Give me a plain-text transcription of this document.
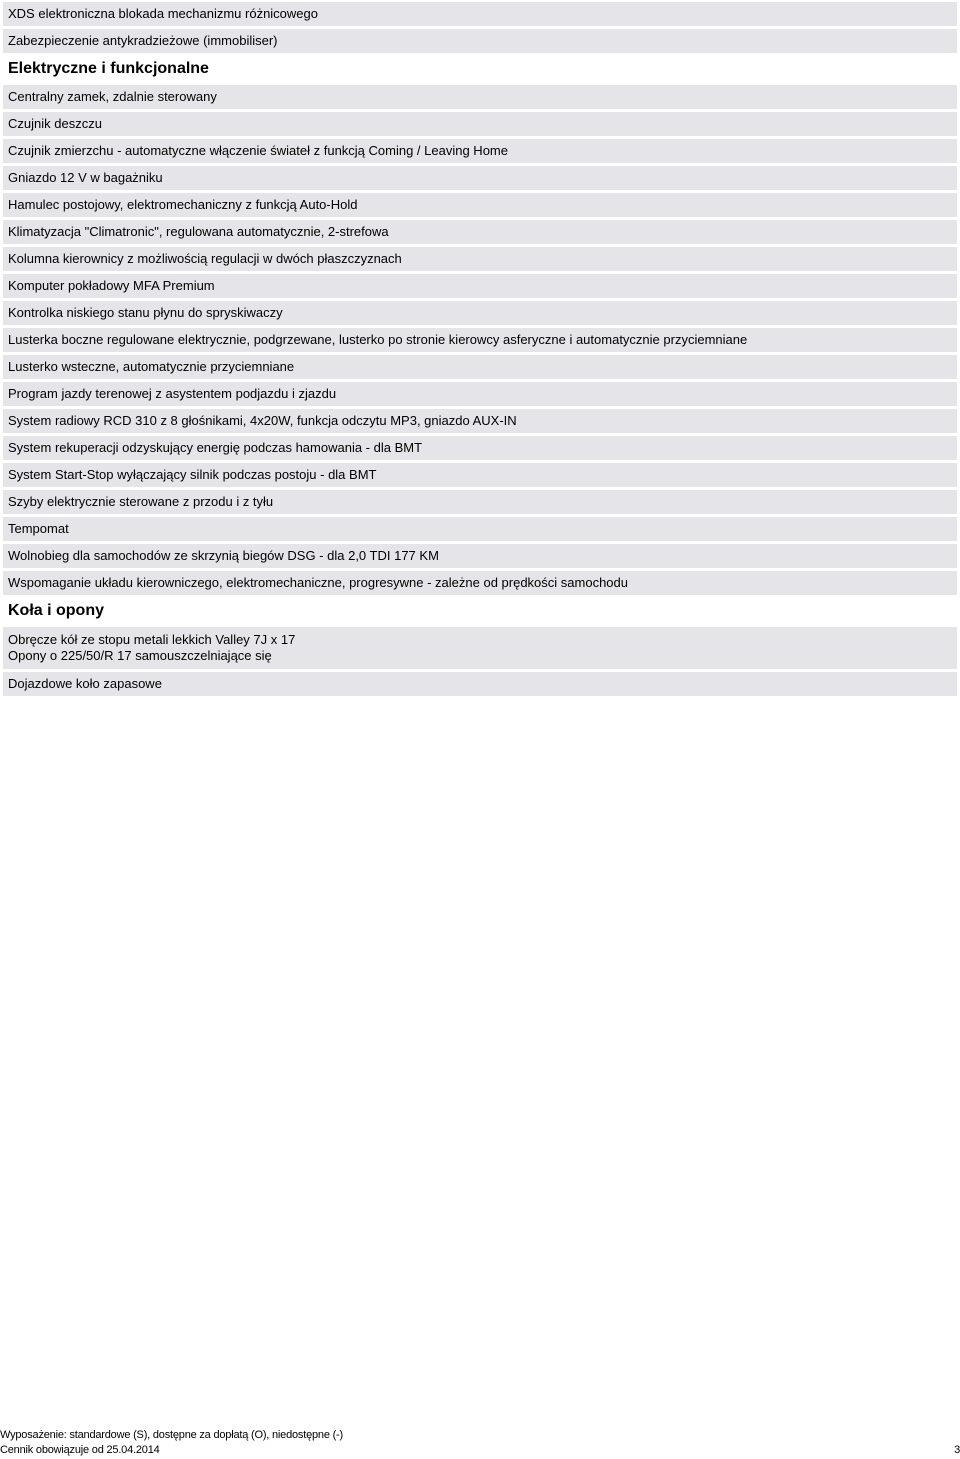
XDS elektroniczna blokada mechanizmu różnicowego
Zabezpieczenie antykradzieżowe (immobiliser)
Elektryczne i funkcjonalne
Centralny zamek, zdalnie sterowany
Czujnik deszczu
Czujnik zmierzchu - automatyczne włączenie świateł z funkcją Coming / Leaving Home
Gniazdo 12 V w bagażniku
Hamulec postojowy, elektromechaniczny z funkcją Auto-Hold
Klimatyzacja "Climatronic", regulowana automatycznie, 2-strefowa
Kolumna kierownicy z możliwością regulacji w dwóch płaszczyznach
Komputer pokładowy MFA Premium
Kontrolka niskiego stanu płynu do spryskiwaczy
Lusterka boczne regulowane elektrycznie, podgrzewane, lusterko po stronie kierowcy asferyczne i automatycznie przyciemniane
Lusterko wsteczne, automatycznie przyciemniane
Program jazdy terenowej z asystentem podjazdu i zjazdu
System radiowy RCD 310 z 8 głośnikami, 4x20W, funkcja odczytu MP3, gniazdo AUX-IN
System rekuperacji odzyskujący energię podczas hamowania - dla BMT
System Start-Stop wyłączający silnik podczas postoju - dla BMT
Szyby elektrycznie sterowane z przodu i z tyłu
Tempomat
Wolnobieg dla samochodów ze skrzynią biegów DSG - dla 2,0 TDI 177 KM
Wspomaganie układu kierowniczego, elektromechaniczne, progresywne - zależne od prędkości samochodu
Koła i opony
Obręcze kół ze stopu metali lekkich Valley 7J x 17
Opony o 225/50/R 17 samouszczelniające się
Dojazdowe koło zapasowe
Wyposażenie: standardowe (S), dostępne za dopłatą (O), niedostępne (-)
Cennik obowiązuje od 25.04.2014	3
